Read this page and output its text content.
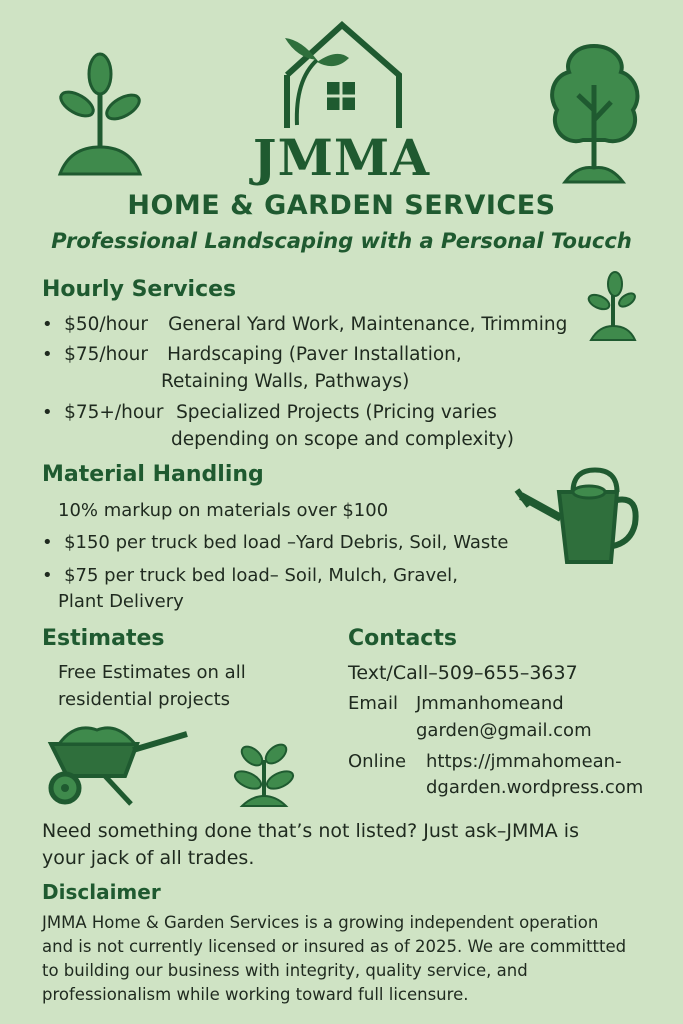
JMMA
HOME & GARDEN SERVICES
Professional Landscaping with a Personal Toucch
Hourly Services
•  $50/hour General Yard Work, Maintenance, Trimming
•  $75/hour Hardscaping (Paver Installation,
Retaining Walls, Pathways)
•  $75+/hour Specialized Projects (Pricing varies
depending on scope and complexity)
Material Handling
10% markup on materials over $100
•  $150 per truck bed load –Yard Debris, Soil, Waste
•  $75 per truck bed load– Soil, Mulch, Gravel,
Plant Delivery
Estimates
Free Estimates on all
residential projects
Contacts
Text/Call–509–655–3637
Email Jmmanhomeand
garden@gmail.com
Online https://jmmahomean-
dgarden.wordpress.com
Need something done that’s not listed? Just ask–JMMA is
your jack of all trades.
Disclaimer
JMMA Home & Garden Services is a growing independent operation
and is not currently licensed or insured as of 2025. We are committted
to building our business with integrity, quality service, and
professionalism while working toward full licensure.
